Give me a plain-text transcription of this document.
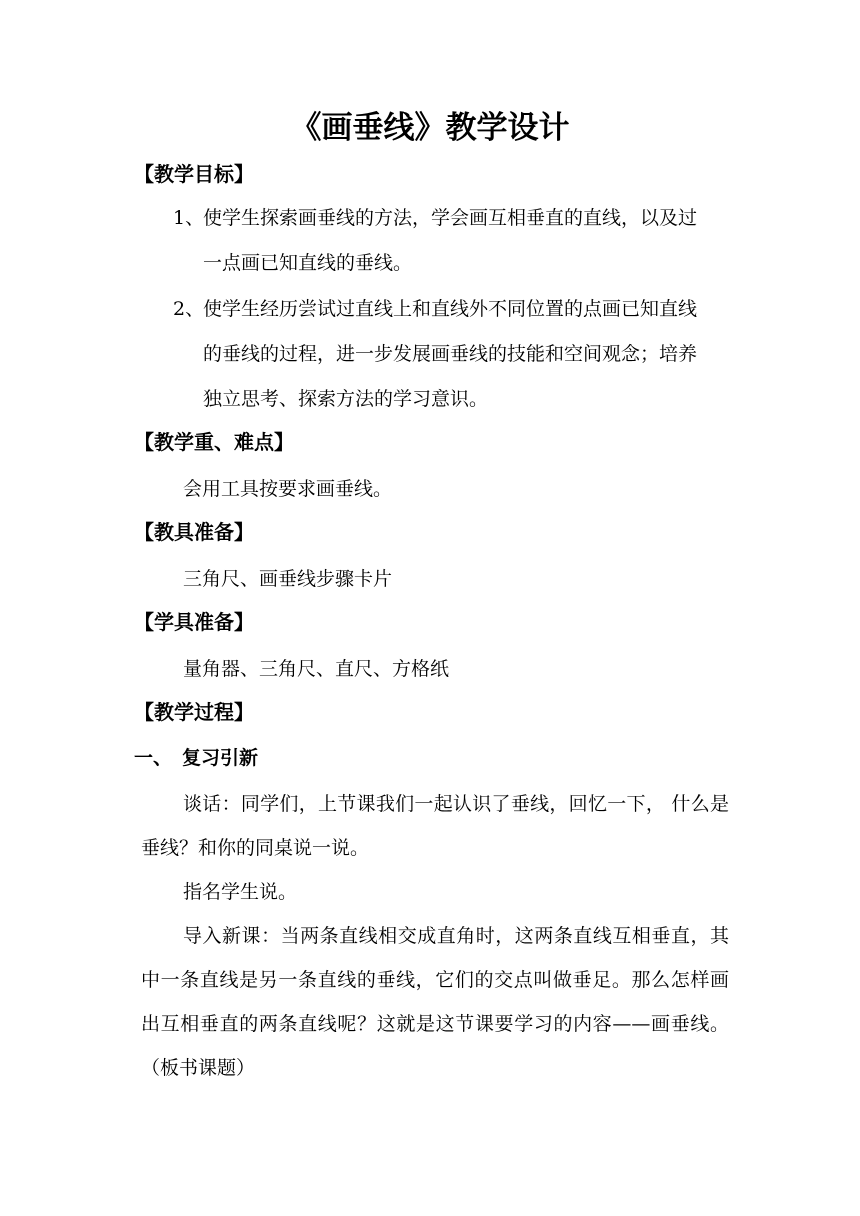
《画垂线》教学设计
【教学目标】
1、
使学生探索画垂线的方法，学会画互相垂直的直线，以及过
一点画已知直线的垂线。
2、
使学生经历尝试过直线上和直线外不同位置的点画已知直线
的垂线的过程，进一步发展画垂线的技能和空间观念；培养
独立思考、探索方法的学习意识。
【教学重、难点】
会用工具按要求画垂线。
【教具准备】
三角尺、画垂线步骤卡片
【学具准备】
量角器、三角尺、直尺、方格纸
【教学过程】
一、 复习引新
谈话：同学们，上节课我们一起认识了垂线，回忆一下， 什么是垂线？和你的同桌说一说。
指名学生说。
导入新课：当两条直线相交成直角时，这两条直线互相垂直，其中一条直线是另一条直线的垂线，它们的交点叫做垂足。那么怎样画出互相垂直的两条直线呢？这就是这节课要学习的内容——画垂线。（板书课题）
